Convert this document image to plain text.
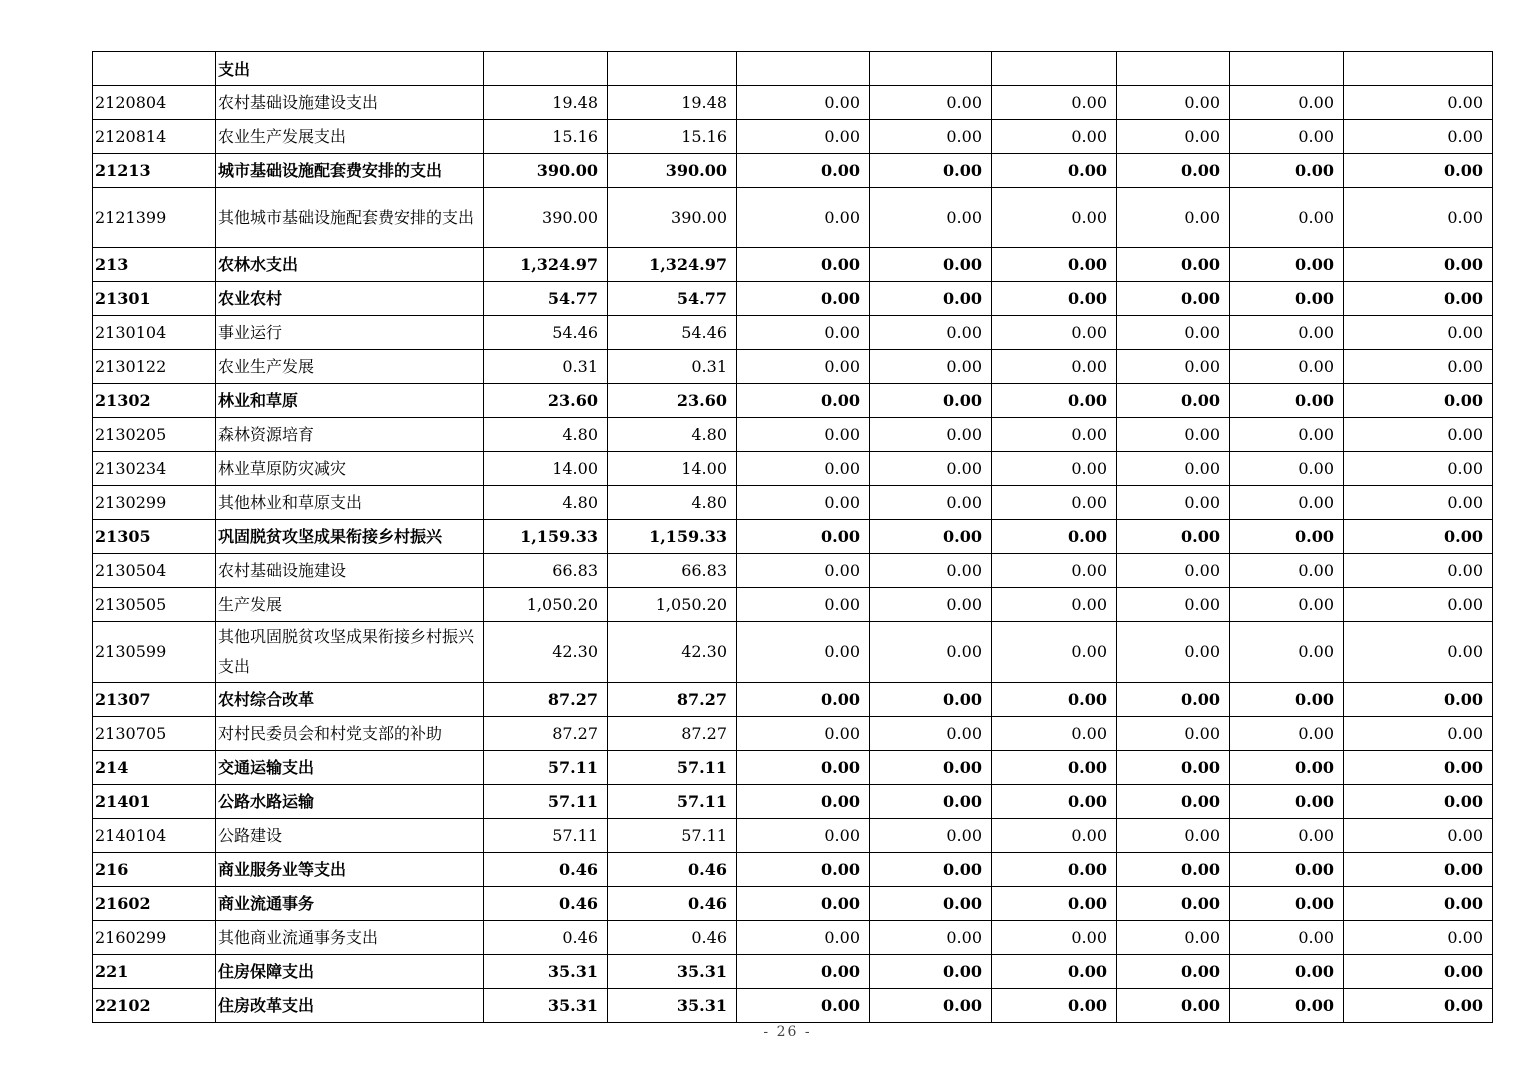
	支出								
2120804	农村基础设施建设支出	19.48	19.48	0.00	0.00	0.00	0.00	0.00	0.00
2120814	农业生产发展支出	15.16	15.16	0.00	0.00	0.00	0.00	0.00	0.00
21213	城市基础设施配套费安排的支出	390.00	390.00	0.00	0.00	0.00	0.00	0.00	0.00
2121399	其他城市基础设施配套费安排的支出	390.00	390.00	0.00	0.00	0.00	0.00	0.00	0.00
213	农林水支出	1,324.97	1,324.97	0.00	0.00	0.00	0.00	0.00	0.00
21301	农业农村	54.77	54.77	0.00	0.00	0.00	0.00	0.00	0.00
2130104	事业运行	54.46	54.46	0.00	0.00	0.00	0.00	0.00	0.00
2130122	农业生产发展	0.31	0.31	0.00	0.00	0.00	0.00	0.00	0.00
21302	林业和草原	23.60	23.60	0.00	0.00	0.00	0.00	0.00	0.00
2130205	森林资源培育	4.80	4.80	0.00	0.00	0.00	0.00	0.00	0.00
2130234	林业草原防灾减灾	14.00	14.00	0.00	0.00	0.00	0.00	0.00	0.00
2130299	其他林业和草原支出	4.80	4.80	0.00	0.00	0.00	0.00	0.00	0.00
21305	巩固脱贫攻坚成果衔接乡村振兴	1,159.33	1,159.33	0.00	0.00	0.00	0.00	0.00	0.00
2130504	农村基础设施建设	66.83	66.83	0.00	0.00	0.00	0.00	0.00	0.00
2130505	生产发展	1,050.20	1,050.20	0.00	0.00	0.00	0.00	0.00	0.00
2130599	其他巩固脱贫攻坚成果衔接乡村振兴支出	42.30	42.30	0.00	0.00	0.00	0.00	0.00	0.00
21307	农村综合改革	87.27	87.27	0.00	0.00	0.00	0.00	0.00	0.00
2130705	对村民委员会和村党支部的补助	87.27	87.27	0.00	0.00	0.00	0.00	0.00	0.00
214	交通运输支出	57.11	57.11	0.00	0.00	0.00	0.00	0.00	0.00
21401	公路水路运输	57.11	57.11	0.00	0.00	0.00	0.00	0.00	0.00
2140104	公路建设	57.11	57.11	0.00	0.00	0.00	0.00	0.00	0.00
216	商业服务业等支出	0.46	0.46	0.00	0.00	0.00	0.00	0.00	0.00
21602	商业流通事务	0.46	0.46	0.00	0.00	0.00	0.00	0.00	0.00
2160299	其他商业流通事务支出	0.46	0.46	0.00	0.00	0.00	0.00	0.00	0.00
221	住房保障支出	35.31	35.31	0.00	0.00	0.00	0.00	0.00	0.00
22102	住房改革支出	35.31	35.31	0.00	0.00	0.00	0.00	0.00	0.00
- 26 -
